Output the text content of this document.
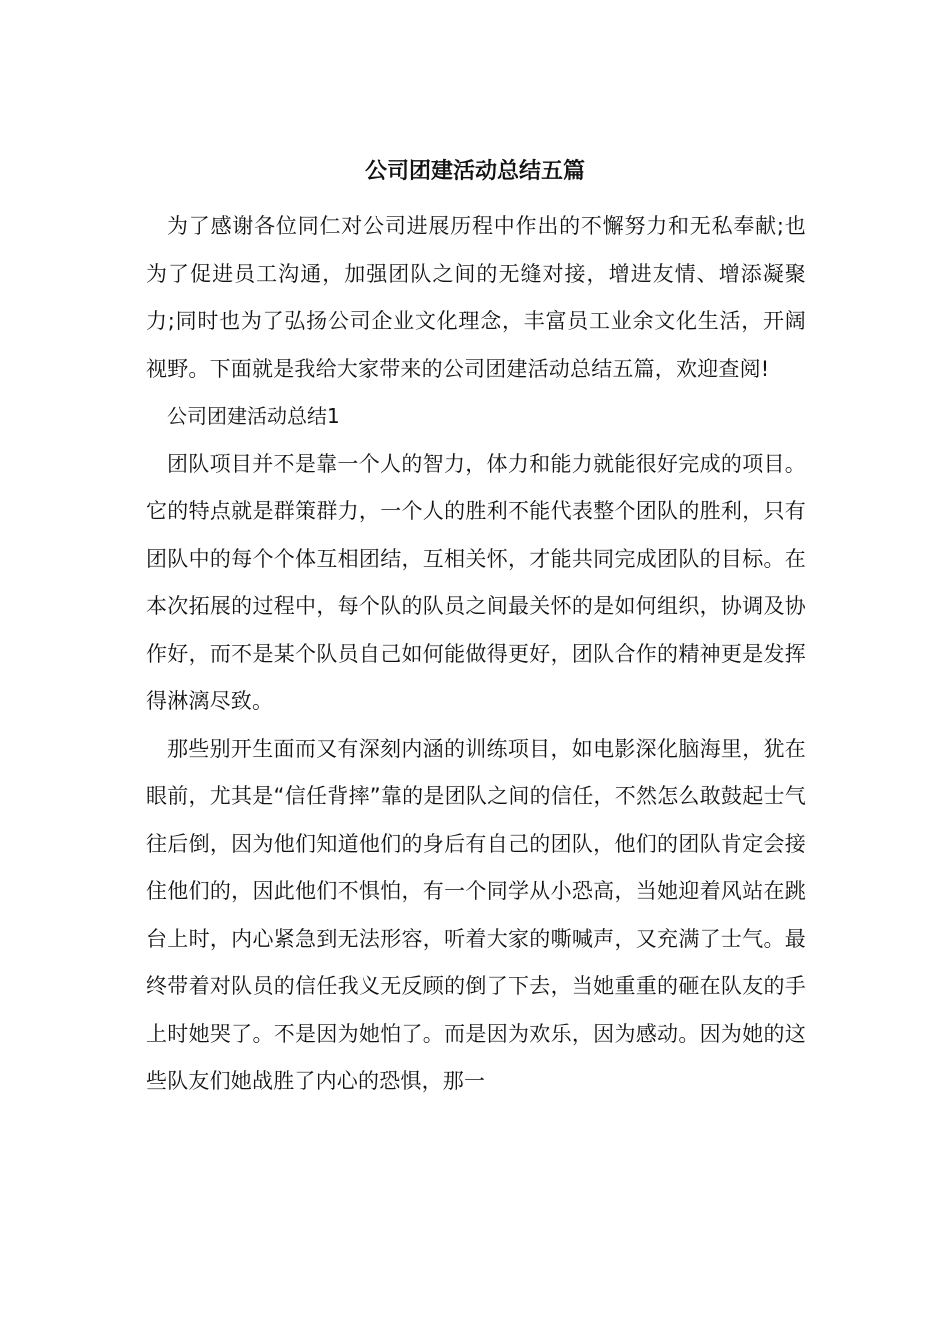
公司团建活动总结五篇

为了感谢各位同仁对公司进展历程中作出的不懈努力和无私奉献;也为了促进员工沟通，加强团队之间的无缝对接，增进友情、增添凝聚力;同时也为了弘扬公司企业文化理念，丰富员工业余文化生活，开阔视野。下面就是我给大家带来的公司团建活动总结五篇，欢迎查阅!

公司团建活动总结1

团队项目并不是靠一个人的智力，体力和能力就能很好完成的项目。它的特点就是群策群力，一个人的胜利不能代表整个团队的胜利，只有团队中的每个个体互相团结，互相关怀，才能共同完成团队的目标。在本次拓展的过程中，每个队的队员之间最关怀的是如何组织，协调及协作好，而不是某个队员自己如何能做得更好，团队合作的精神更是发挥得淋漓尽致。

那些别开生面而又有深刻内涵的训练项目，如电影深化脑海里，犹在眼前，尤其是“信任背摔”靠的是团队之间的信任，不然怎么敢鼓起士气往后倒，因为他们知道他们的身后有自己的团队，他们的团队肯定会接住他们的，因此他们不惧怕，有一个同学从小恐高，当她迎着风站在跳台上时，内心紧急到无法形容，听着大家的嘶喊声，又充满了士气。最终带着对队员的信任我义无反顾的倒了下去，当她重重的砸在队友的手上时她哭了。不是因为她怕了。而是因为欢乐，因为感动。因为她的这些队友们她战胜了内心的恐惧，那一
